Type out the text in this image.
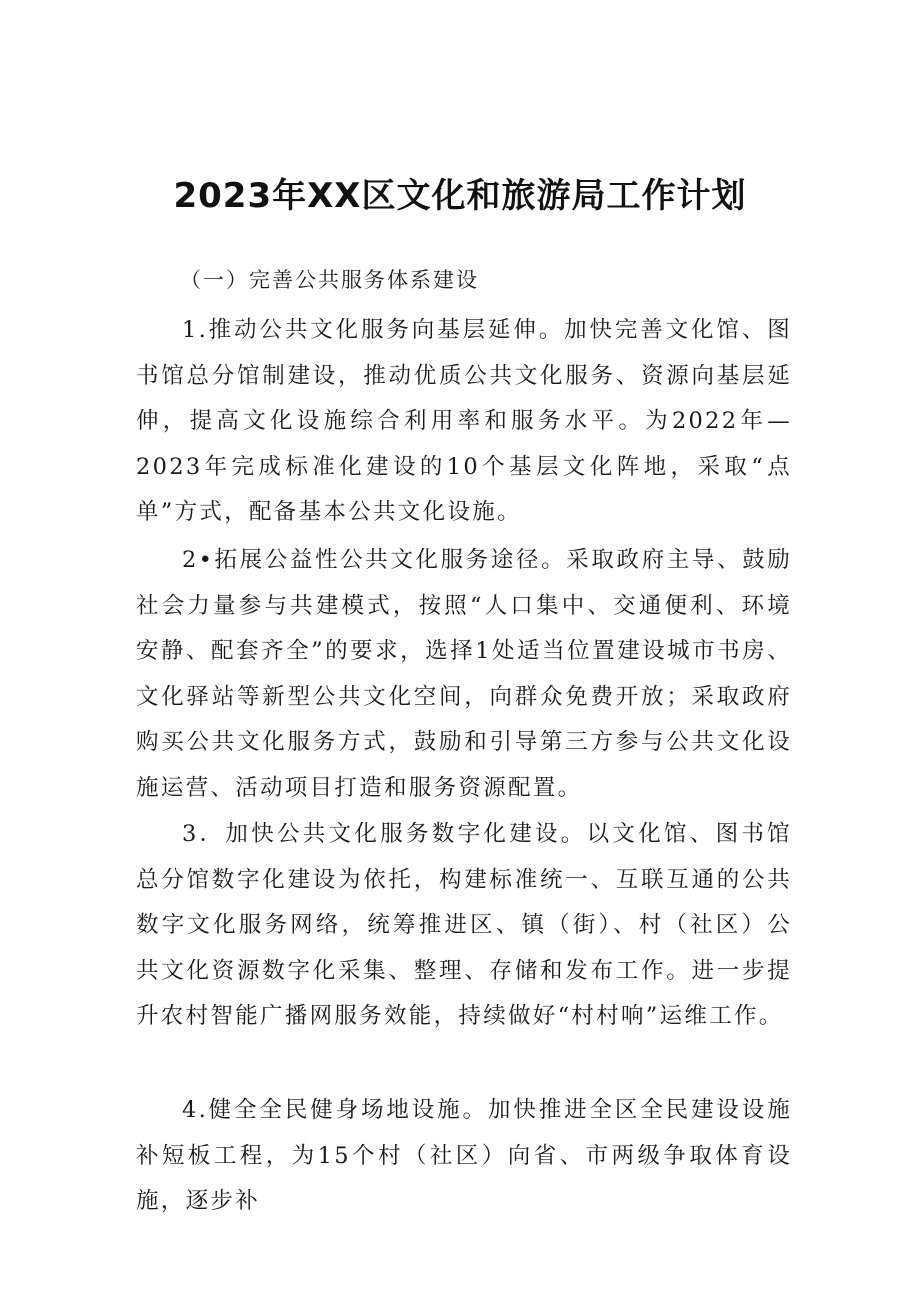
2023年XX区文化和旅游局工作计划
（一）完善公共服务体系建设

1.推动公共文化服务向基层延伸。加快完善文化馆、图书馆总分馆制建设，推动优质公共文化服务、资源向基层延伸，提高文化设施综合利用率和服务水平。为2022年—2023年完成标准化建设的10个基层文化阵地，采取“点单”方式，配备基本公共文化设施。

2•拓展公益性公共文化服务途径。采取政府主导、鼓励社会力量参与共建模式，按照“人口集中、交通便利、环境安静、配套齐全”的要求，选择1处适当位置建设城市书房、文化驿站等新型公共文化空间，向群众免费开放；采取政府购买公共文化服务方式，鼓励和引导第三方参与公共文化设施运营、活动项目打造和服务资源配置。

3．加快公共文化服务数字化建设。以文化馆、图书馆总分馆数字化建设为依托，构建标准统一、互联互通的公共数字文化服务网络，统筹推进区、镇（街）、村（社区）公共文化资源数字化采集、整理、存储和发布工作。进一步提升农村智能广播网服务效能，持续做好“村村响”运维工作。

4.健全全民健身场地设施。加快推进全区全民建设设施补短板工程，为15个村（社区）向省、市两级争取体育设施，逐步补
